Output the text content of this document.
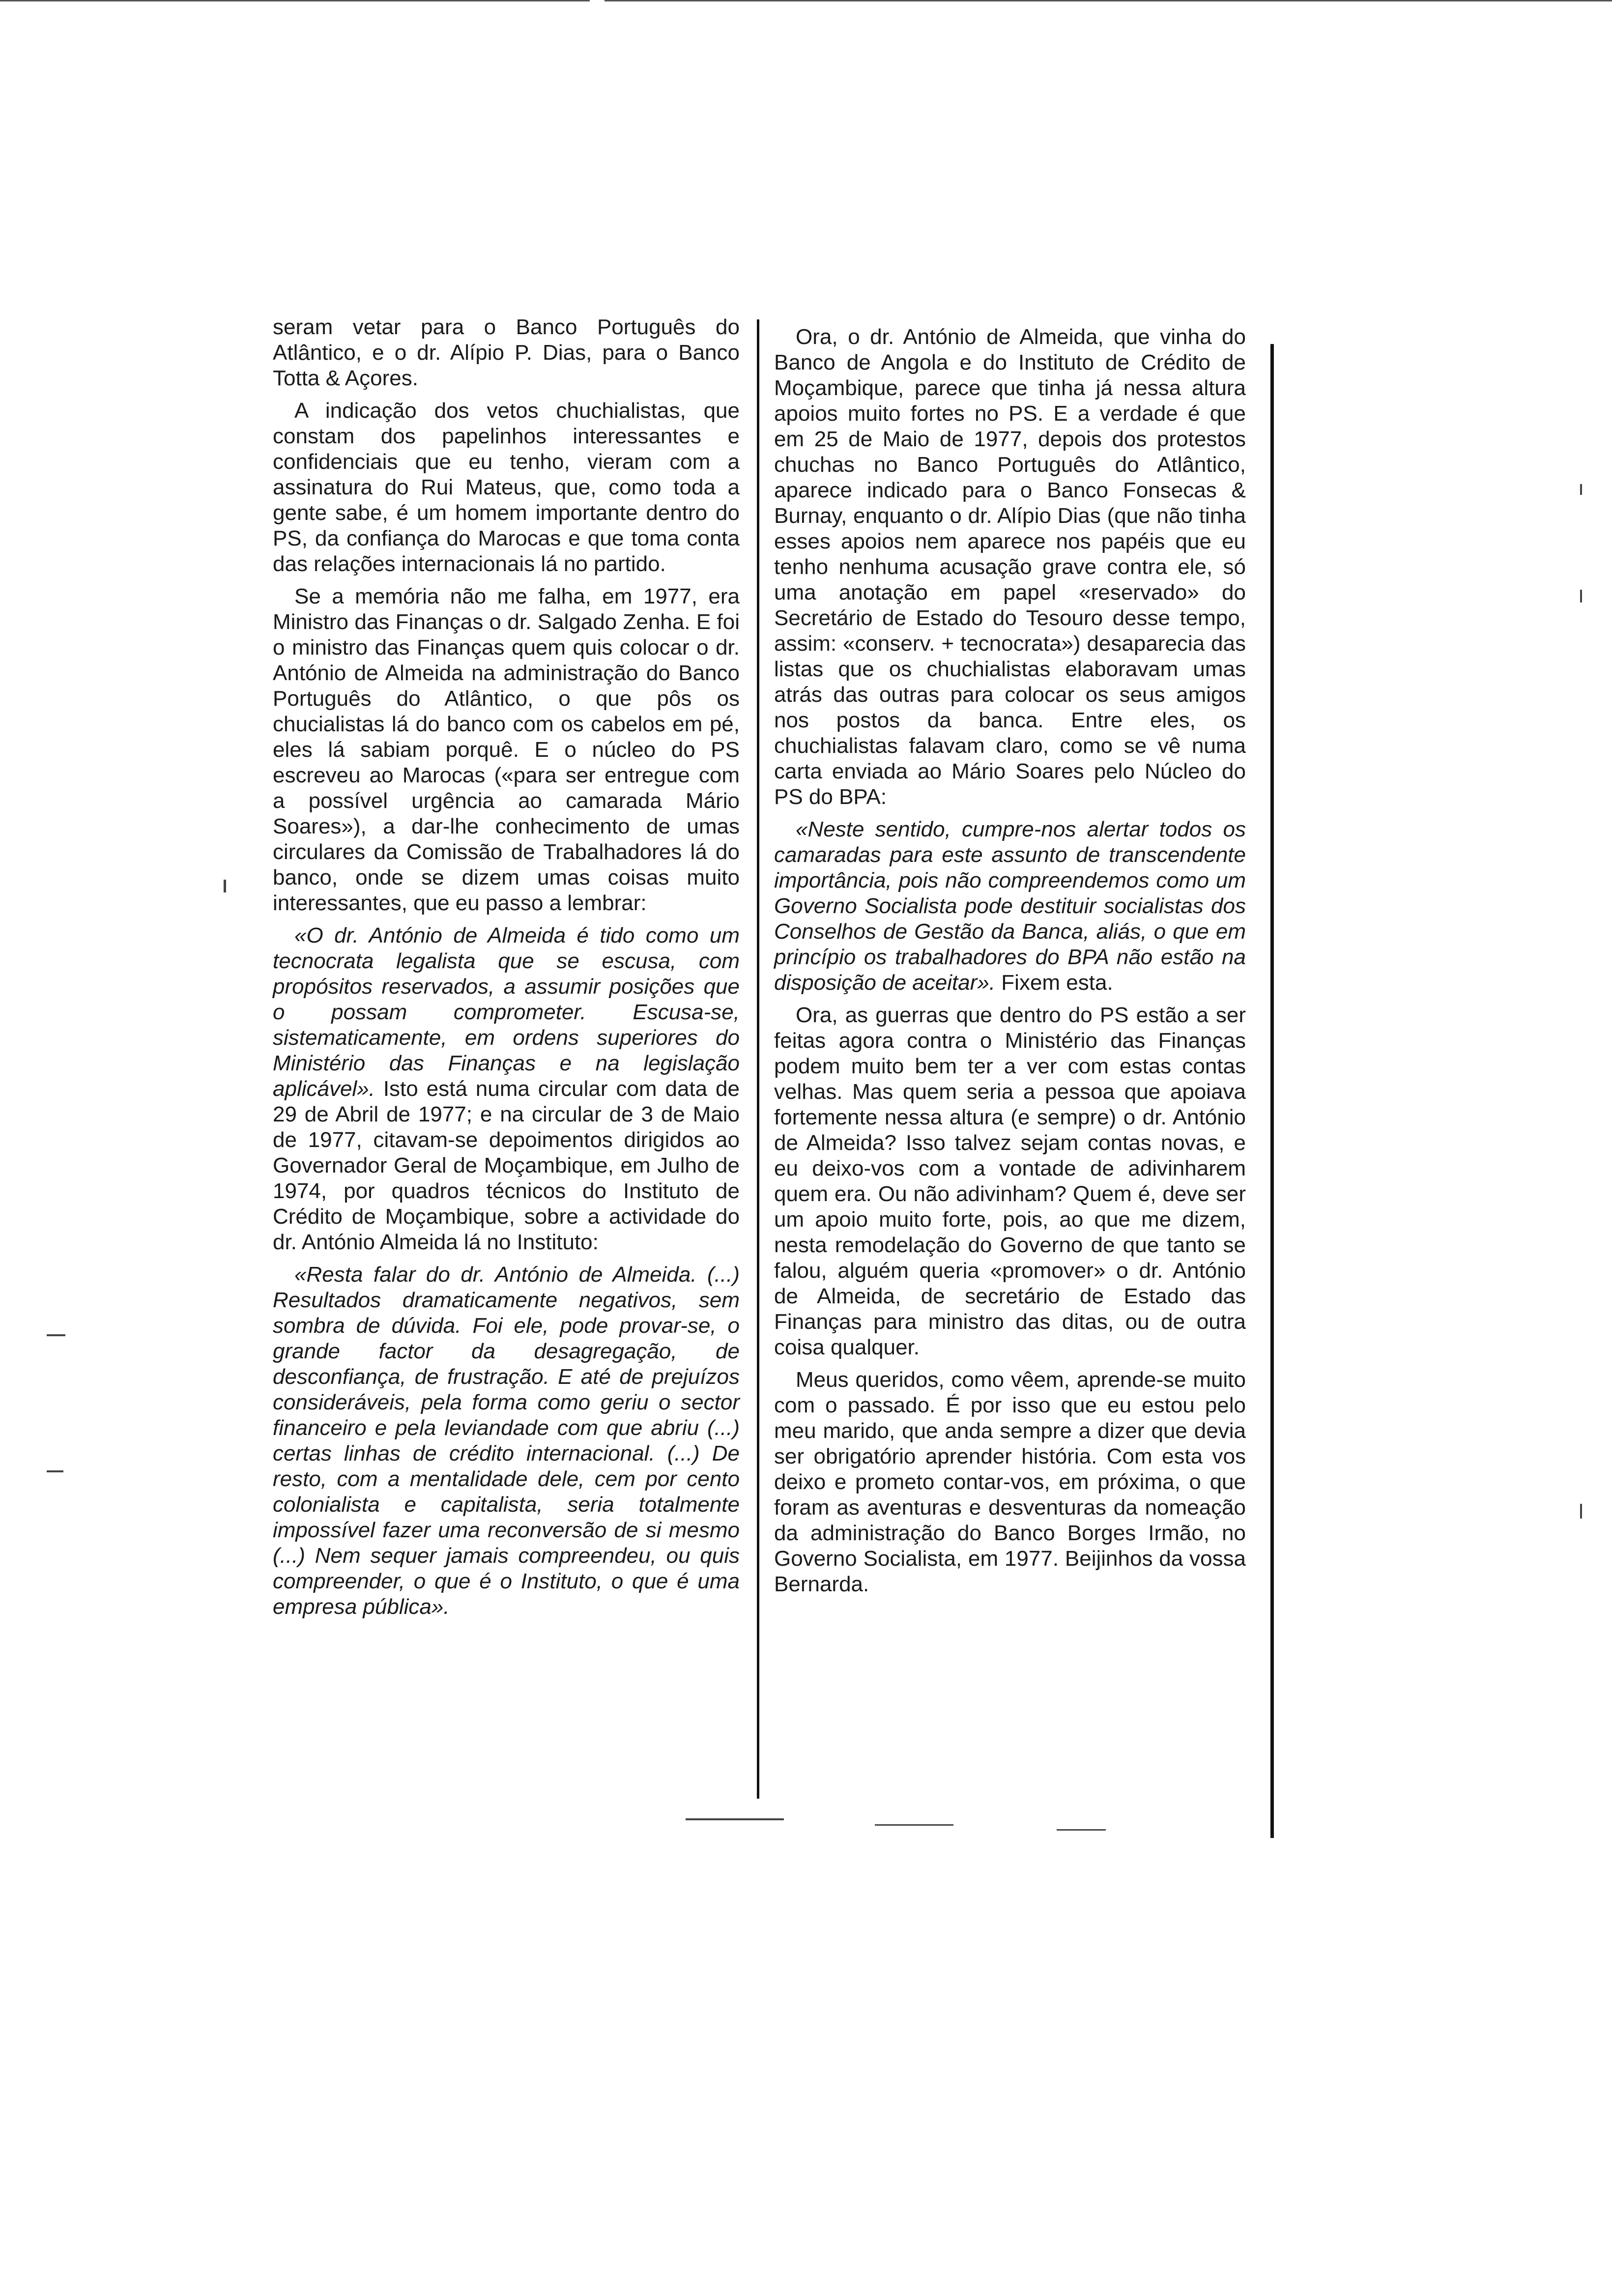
seram vetar para o Banco Português do Atlântico, e o dr. Alípio P. Dias, para o Banco Totta & Açores.

A indicação dos vetos chuchialistas, que constam dos papelinhos interessantes e confidenciais que eu tenho, vieram com a assinatura do Rui Mateus, que, como toda a gente sabe, é um homem importante dentro do PS, da confiança do Marocas e que toma conta das relações internacionais lá no partido.

Se a memória não me falha, em 1977, era Ministro das Finanças o dr. Salgado Zenha. E foi o ministro das Finanças quem quis colocar o dr. António de Almeida na administração do Banco Português do Atlântico, o que pôs os chucialistas lá do banco com os cabelos em pé, eles lá sabiam porquê. E o núcleo do PS escreveu ao Marocas («para ser entregue com a possível urgência ao camarada Mário Soares»), a dar-lhe conhecimento de umas circulares da Comissão de Trabalhadores lá do banco, onde se dizem umas coisas muito interessantes, que eu passo a lembrar:

«O dr. António de Almeida é tido como um tecnocrata legalista que se escusa, com propósitos reservados, a assumir posições que o possam comprometer. Escusa-se, sistematicamente, em ordens superiores do Ministério das Finanças e na legislação aplicável». Isto está numa circular com data de 29 de Abril de 1977; e na circular de 3 de Maio de 1977, citavam-se depoimentos dirigidos ao Governador Geral de Moçambique, em Julho de 1974, por quadros técnicos do Instituto de Crédito de Moçambique, sobre a actividade do dr. António Almeida lá no Instituto:

«Resta falar do dr. António de Almeida. (...) Resultados dramaticamente negativos, sem sombra de dúvida. Foi ele, pode provar-se, o grande factor da desagregação, de desconfiança, de frustração. E até de prejuízos consideráveis, pela forma como geriu o sector financeiro e pela leviandade com que abriu (...) certas linhas de crédito internacional. (...) De resto, com a mentalidade dele, cem por cento colonialista e capitalista, seria totalmente impossível fazer uma reconversão de si mesmo (...) Nem sequer jamais compreendeu, ou quis compreender, o que é o Instituto, o que é uma empresa pública».

Ora, o dr. António de Almeida, que vinha do Banco de Angola e do Instituto de Crédito de Moçambique, parece que tinha já nessa altura apoios muito fortes no PS. E a verdade é que em 25 de Maio de 1977, depois dos protestos chuchas no Banco Português do Atlântico, aparece indicado para o Banco Fonsecas & Burnay, enquanto o dr. Alípio Dias (que não tinha esses apoios nem aparece nos papéis que eu tenho nenhuma acusação grave contra ele, só uma anotação em papel «reservado» do Secretário de Estado do Tesouro desse tempo, assim: «conserv. + tecnocrata») desaparecia das listas que os chuchialistas elaboravam umas atrás das outras para colocar os seus amigos nos postos da banca. Entre eles, os chuchialistas falavam claro, como se vê numa carta enviada ao Mário Soares pelo Núcleo do PS do BPA:

«Neste sentido, cumpre-nos alertar todos os camaradas para este assunto de transcendente importância, pois não compreendemos como um Governo Socialista pode destituir socialistas dos Conselhos de Gestão da Banca, aliás, o que em princípio os trabalhadores do BPA não estão na disposição de aceitar». Fixem esta.

Ora, as guerras que dentro do PS estão a ser feitas agora contra o Ministério das Finanças podem muito bem ter a ver com estas contas velhas. Mas quem seria a pessoa que apoiava fortemente nessa altura (e sempre) o dr. António de Almeida? Isso talvez sejam contas novas, e eu deixo-vos com a vontade de adivinharem quem era. Ou não adivinham? Quem é, deve ser um apoio muito forte, pois, ao que me dizem, nesta remodelação do Governo de que tanto se falou, alguém queria «promover» o dr. António de Almeida, de secretário de Estado das Finanças para ministro das ditas, ou de outra coisa qualquer.

Meus queridos, como vêem, aprende-se muito com o passado. É por isso que eu estou pelo meu marido, que anda sempre a dizer que devia ser obrigatório aprender história. Com esta vos deixo e prometo contar-vos, em próxima, o que foram as aventuras e desventuras da nomeação da administração do Banco Borges Irmão, no Governo Socialista, em 1977. Beijinhos da vossa Bernarda.
